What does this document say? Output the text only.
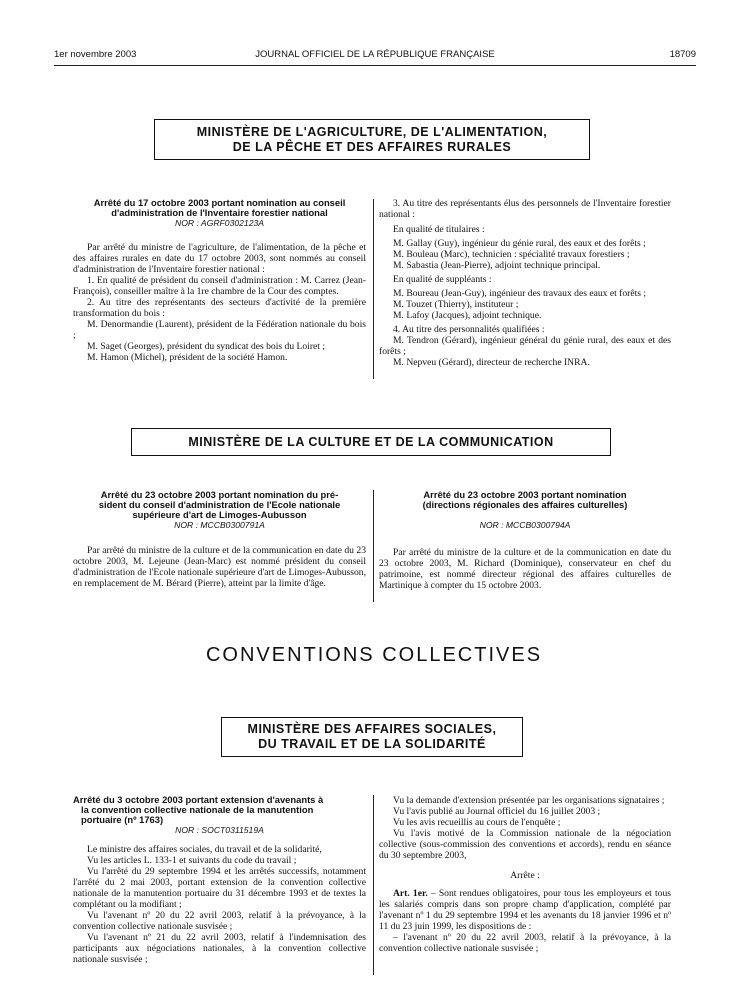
1er novembre 2003	JOURNAL OFFICIEL DE LA RÉPUBLIQUE FRANÇAISE	18709
MINISTÈRE DE L'AGRICULTURE, DE L'ALIMENTATION,
DE LA PÊCHE ET DES AFFAIRES RURALES

Arrêté du 17 octobre 2003 portant nomination au conseil

d'administration de l'Inventaire forestier national

NOR : AGRF0302123A

Par arrêté du ministre de l'agriculture, de l'alimentation, de la pêche et des affaires rurales en date du 17 octobre 2003, sont nommés au conseil d'administration de l'Inventaire forestier national :

1. En qualité de président du conseil d'administration : M. Carrez (Jean-François), conseiller maître à la 1re chambre de la Cour des comptes.

2. Au titre des représentants des secteurs d'activité de la première transformation du bois :

M. Denormandie (Laurent), président de la Fédération nationale du bois ;

M. Saget (Georges), président du syndicat des bois du Loiret ;

M. Hamon (Michel), président de la société Hamon.

3. Au titre des représentants élus des personnels de l'Inventaire forestier national :

En qualité de titulaires :

M. Gallay (Guy), ingénieur du génie rural, des eaux et des forêts ;

M. Bouleau (Marc), technicien : spécialité travaux forestiers ;

M. Sabastia (Jean-Pierre), adjoint technique principal.

En qualité de suppléants :

M. Boureau (Jean-Guy), ingénieur des travaux des eaux et forêts ;

M. Touzet (Thierry), instituteur ;

M. Lafoy (Jacques), adjoint technique.

4. Au titre des personnalités qualifiées :

M. Tendron (Gérard), ingénieur général du génie rural, des eaux et des forêts ;

M. Nepveu (Gérard), directeur de recherche INRA.

MINISTÈRE DE LA CULTURE ET DE LA COMMUNICATION

Arrêté du 23 octobre 2003 portant nomination du pré-

sident du conseil d'administration de l'Ecole nationale

supérieure d'art de Limoges-Aubusson

NOR : MCCB0300791A

Par arrêté du ministre de la culture et de la communication en date du 23 octobre 2003, M. Lejeune (Jean-Marc) est nommé président du conseil d'administration de l'Ecole nationale supérieure d'art de Limoges-Aubusson, en remplacement de M. Bérard (Pierre), atteint par la limite d'âge.

Arrêté du 23 octobre 2003 portant nomination

(directions régionales des affaires culturelles)

NOR : MCCB0300794A

Par arrêté du ministre de la culture et de la communication en date du 23 octobre 2003, M. Richard (Dominique), conservateur en chef du patrimoine, est nommé directeur régional des affaires culturelles de Martinique à compter du 15 octobre 2003.

CONVENTIONS COLLECTIVES
MINISTÈRE DES AFFAIRES SOCIALES,
DU TRAVAIL ET DE LA SOLIDARITÉ

Arrêté du 3 octobre 2003 portant extension d'avenants à

la convention collective nationale de la manutention

portuaire (nº 1763)

NOR : SOCT0311519A

Le ministre des affaires sociales, du travail et de la solidarité,

Vu les articles L. 133-1 et suivants du code du travail ;

Vu l'arrêté du 29 septembre 1994 et les arrêtés successifs, notamment l'arrêté du 2 mai 2003, portant extension de la convention collective nationale de la manutention portuaire du 31 décembre 1993 et de textes la complétant ou la modifiant ;

Vu l'avenant nº 20 du 22 avril 2003, relatif à la prévoyance, à la convention collective nationale susvisée ;

Vu l'avenant nº 21 du 22 avril 2003, relatif à l'indemnisation des participants aux négociations nationales, à la convention collective nationale susvisée ;

Vu la demande d'extension présentée par les organisations signataires ;

Vu l'avis publié au Journal officiel du 16 juillet 2003 ;

Vu les avis recueillis au cours de l'enquête ;

Vu l'avis motivé de la Commission nationale de la négociation collective (sous-commission des conventions et accords), rendu en séance du 30 septembre 2003,

Arrête :

Art. 1er. – Sont rendues obligatoires, pour tous les employeurs et tous les salariés compris dans son propre champ d'application, complété par l'avenant nº 1 du 29 septembre 1994 et les avenants du 18 janvier 1996 et nº 11 du 23 juin 1999, les dispositions de :

– l'avenant nº 20 du 22 avril 2003, relatif à la prévoyance, à la convention collective nationale susvisée ;
